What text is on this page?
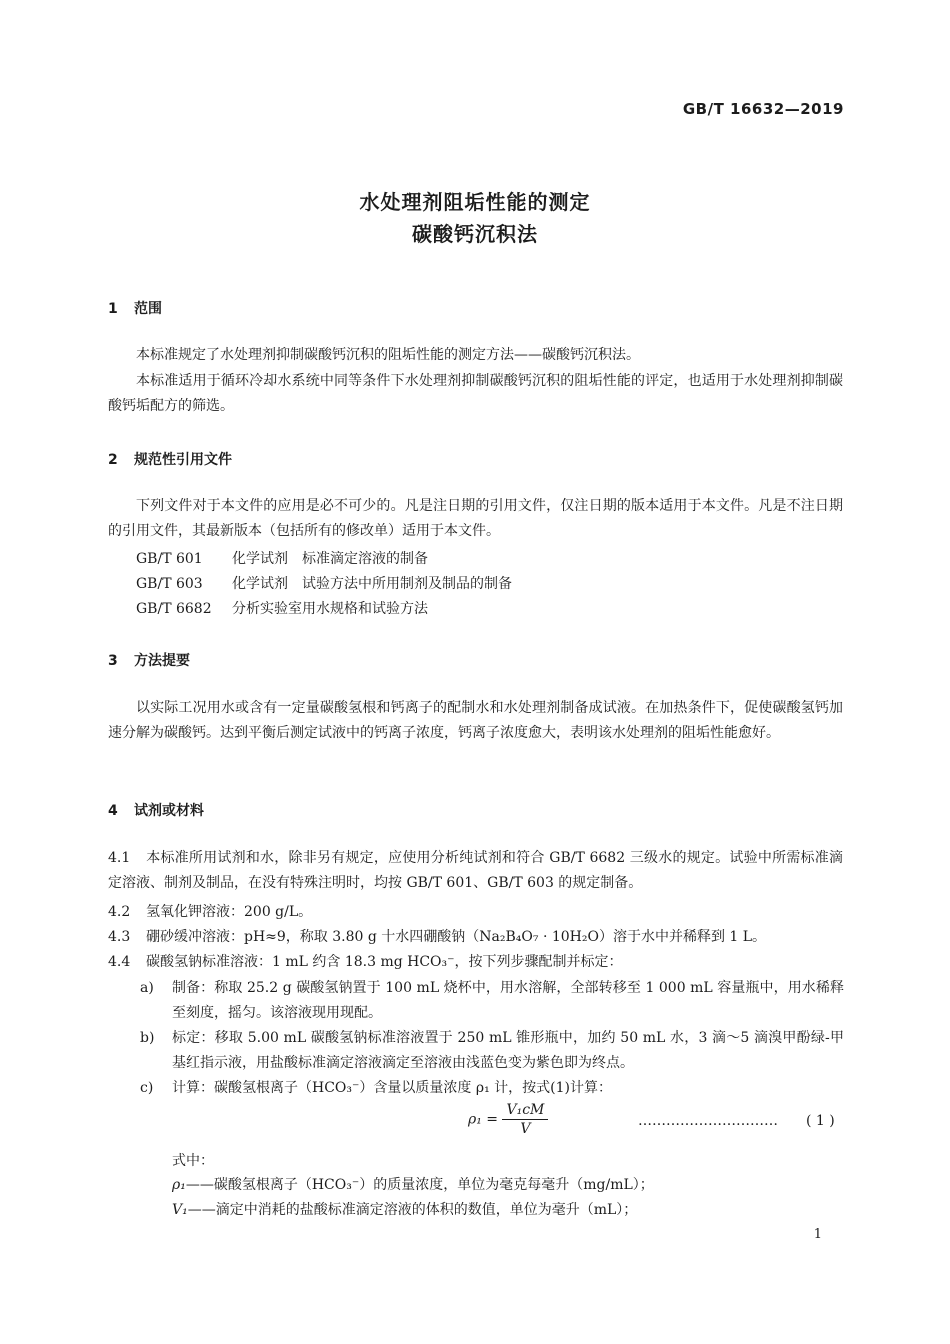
GB/T 16632—2019
水处理剂阻垢性能的测定
碳酸钙沉积法
1 范围
本标准规定了水处理剂抑制碳酸钙沉积的阻垢性能的测定方法——碳酸钙沉积法。
本标准适用于循环冷却水系统中同等条件下水处理剂抑制碳酸钙沉积的阻垢性能的评定，也适用于水处理剂抑制碳酸钙垢配方的筛选。
2 规范性引用文件
下列文件对于本文件的应用是必不可少的。凡是注日期的引用文件，仅注日期的版本适用于本文件。凡是不注日期的引用文件，其最新版本（包括所有的修改单）适用于本文件。
GB/T 601 化学试剂　标准滴定溶液的制备
GB/T 603 化学试剂　试验方法中所用制剂及制品的制备
GB/T 6682 分析实验室用水规格和试验方法
3 方法提要
以实际工况用水或含有一定量碳酸氢根和钙离子的配制水和水处理剂制备成试液。在加热条件下，促使碳酸氢钙加速分解为碳酸钙。达到平衡后测定试液中的钙离子浓度，钙离子浓度愈大，表明该水处理剂的阻垢性能愈好。
4 试剂或材料
4.1 本标准所用试剂和水，除非另有规定，应使用分析纯试剂和符合 GB/T 6682 三级水的规定。试验中所需标准滴定溶液、制剂及制品，在没有特殊注明时，均按 GB/T 601、GB/T 603 的规定制备。
4.2 氢氧化钾溶液：200 g/L。
4.3 硼砂缓冲溶液：pH≈9，称取 3.80 g 十水四硼酸钠（Na₂B₄O₇ · 10H₂O）溶于水中并稀释到 1 L。
4.4 碳酸氢钠标准溶液：1 mL 约含 18.3 mg HCO₃⁻，按下列步骤配制并标定：
a) 制备：称取 25.2 g 碳酸氢钠置于 100 mL 烧杯中，用水溶解，全部转移至 1 000 mL 容量瓶中，用水稀释至刻度，摇匀。该溶液现用现配。
b) 标定：移取 5.00 mL 碳酸氢钠标准溶液置于 250 mL 锥形瓶中，加约 50 mL 水，3 滴～5 滴溴甲酚绿-甲基红指示液，用盐酸标准滴定溶液滴定至溶液由浅蓝色变为紫色即为终点。
c) 计算：碳酸氢根离子（HCO₃⁻）含量以质量浓度 ρ₁ 计，按式(1)计算：
$\rho_1 = \frac{\text{V₁cM}}{V}$	………………………… ( 1 )
式中：
ρ₁——碳酸氢根离子（HCO₃⁻）的质量浓度，单位为毫克每毫升（mg/mL）；
V₁——滴定中消耗的盐酸标准滴定溶液的体积的数值，单位为毫升（mL）；
1
